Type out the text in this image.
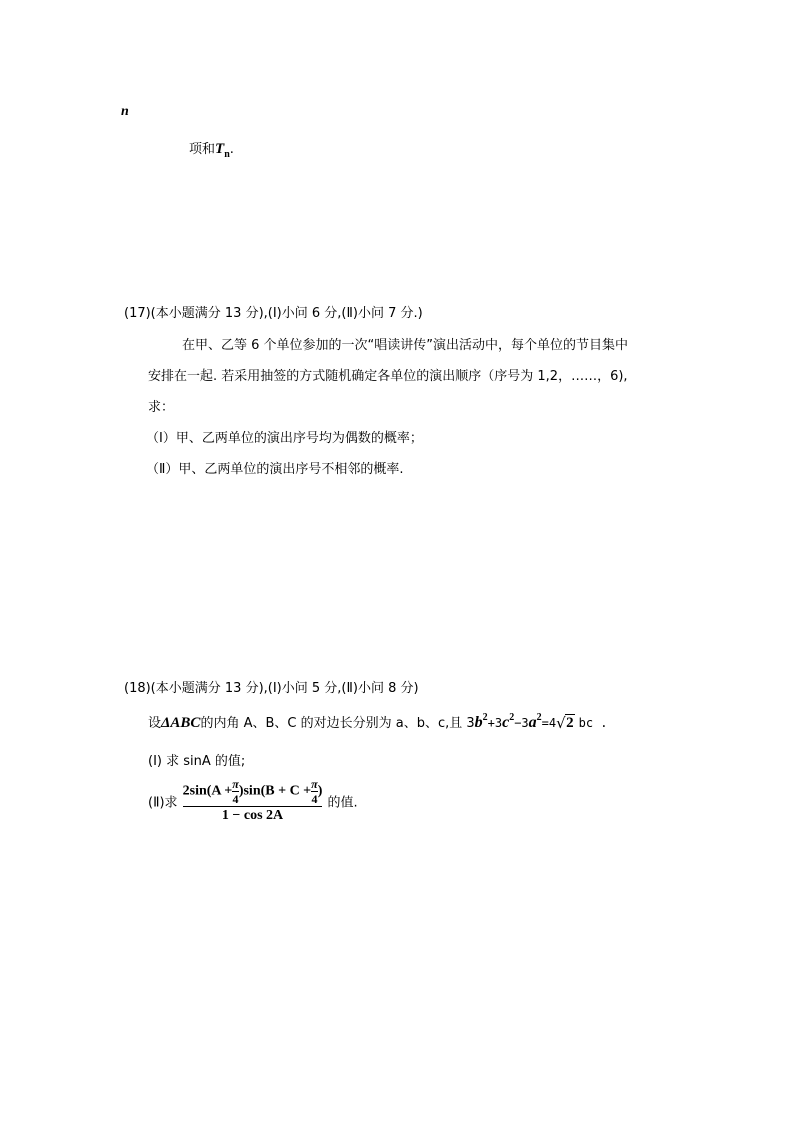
n
项和$T_n$.
(17)(本小题满分 13 分),(Ⅰ)小问 6 分,(Ⅱ)小问 7 分.)
在甲、乙等 6 个单位参加的一次“唱读讲传”演出活动中，每个单位的节目集中
安排在一起. 若采用抽签的方式随机确定各单位的演出顺序（序号为 1,2，……，6),
求：
（Ⅰ）甲、乙两单位的演出序号均为偶数的概率；
（Ⅱ）甲、乙两单位的演出序号不相邻的概率.
(18)(本小题满分 13 分),(Ⅰ)小问 5 分,(Ⅱ)小问 8 分)
设ΔABC的内角 A、B、C 的对边长分别为 a、b、c,且 $3b^2+3c^2-3a^2=4$ √ 2 bc .
(Ⅰ) 求 sinA 的值;
(Ⅱ)求 $\frac{2\sin(A +\frac{\pi}{4})\sin(B + C +\frac{\pi}{4})}{1 - \cos 2A}$ 的值.
